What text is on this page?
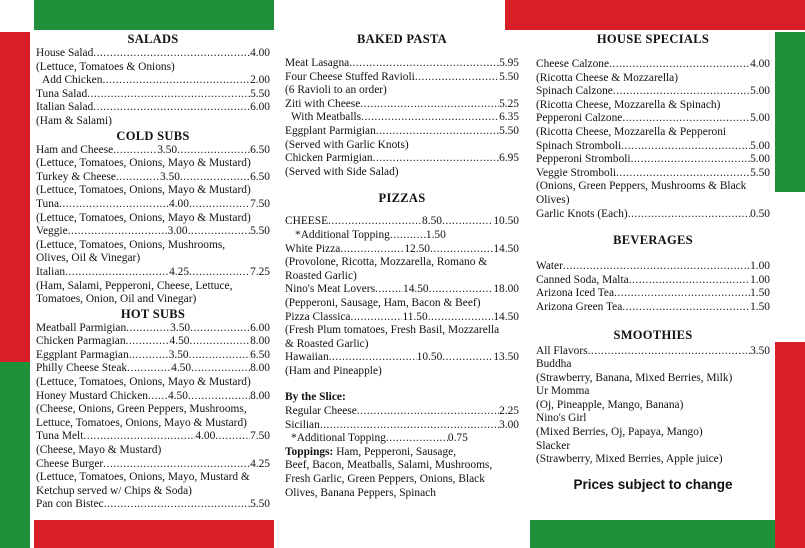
SALADS
House Salad .....	4.00
(Lettuce, Tomatoes & Onions)
Add Chicken .....	2.00
Tuna Salad .....	5.50
Italian Salad .....	6.00
(Ham & Salami)
COLD SUBS
Ham and Cheese .....	3.50 .....	6.50
(Lettuce, Tomatoes, Onions, Mayo & Mustard)
Turkey & Cheese .....	3.50 .....	6.50
(Lettuce, Tomatoes, Onions, Mayo & Mustard)
Tuna .....	4.00 .....	7.50
(Lettuce, Tomatoes, Onions, Mayo & Mustard)
Veggie .....	3.00 .....	5.50
(Lettuce, Tomatoes, Onions, Mushrooms,
Olives, Oil & Vinegar)
Italian .....	4.25 .....	7.25
(Ham, Salami, Pepperoni, Cheese, Lettuce,
Tomatoes, Onion, Oil and Vinegar)
HOT SUBS
Meatball Parmigian .....	3.50 .....	6.00
Chicken Parmagian .....	4.50 .....	8.00
Eggplant Parmagian .....	3.50 .....	6.50
Philly Cheese Steak .....	4.50 .....	8.00
(Lettuce, Tomatoes, Onions, Mayo & Mustard)
Honey Mustard Chicken ..... 4.50 .....	8.00
(Cheese, Onions, Green Peppers, Mushrooms,
Lettuce, Tomatoes, Onions, Mayo & Mustard)
Tuna Melt .....	4.00 .....	7.50
(Cheese, Mayo & Mustard)
Cheese Burger .....	4.25
(Lettuce, Tomatoes, Onions, Mayo, Mustard &
Ketchup served w/ Chips & Soda)
Pan con Bistec .....	5.50
BAKED PASTA
Meat Lasagna .....	5.95
Four Cheese Stuffed Ravioli .....	5.50
(6 Ravioli to an order)
Ziti with Cheese .....	5.25
With Meatballs .....	6.35
Eggplant Parmigian .....	5.50
(Served with Garlic Knots)
Chicken Parmigian .....	6.95
(Served with Side Salad)
PIZZAS
CHEESE .....	8.50 .....	10.50
*Additional Topping .....	1.50
White Pizza .....	12.50 .....	14.50
(Provolone, Ricotta, Mozzarella, Romano &
Roasted Garlic)
Nino's Meat Lovers ..... 14.50 .....	18.00
(Pepperoni, Sausage, Ham, Bacon & Beef)
Pizza Classica .....	11.50 .....	14.50
(Fresh Plum tomatoes, Fresh Basil, Mozzarella
& Roasted Garlic)
Hawaiian .....	10.50 .....	13.50
(Ham and Pineapple)
By the Slice:
Regular Cheese .....	2.25
Sicilian .....	3.00
*Additional Topping .....	0.75
Toppings: Ham, Pepperoni, Sausage,
Beef, Bacon, Meatballs, Salami, Mushrooms,
Fresh Garlic, Green Peppers, Onions, Black
Olives, Banana Peppers, Spinach
HOUSE SPECIALS
Cheese Calzone .....	4.00
(Ricotta Cheese & Mozzarella)
Spinach Calzone .....	5.00
(Ricotta Cheese, Mozzarella & Spinach)
Pepperoni Calzone .....	5.00
(Ricotta Cheese, Mozzarella & Pepperoni
Spinach Stromboli .....	5.00
Pepperoni Stromboli .....	5.00
Veggie Stromboli .....	5.50
(Onions, Green Peppers, Mushrooms & Black
Olives)
Garlic Knots (Each) .....	0.50
BEVERAGES
Water .....	1.00
Canned Soda, Malta .....	1.00
Arizona Iced Tea .....	1.50
Arizona Green Tea .....	1.50
SMOOTHIES
All Flavors .....	3.50
Buddha
(Strawberry, Banana, Mixed Berries, Milk)
Ur Momma
(Oj, Pineapple, Mango, Banana)
Nino's Girl
(Mixed Berries, Oj, Papaya, Mango)
Slacker
(Strawberry, Mixed Berries, Apple juice)
Prices subject to change
